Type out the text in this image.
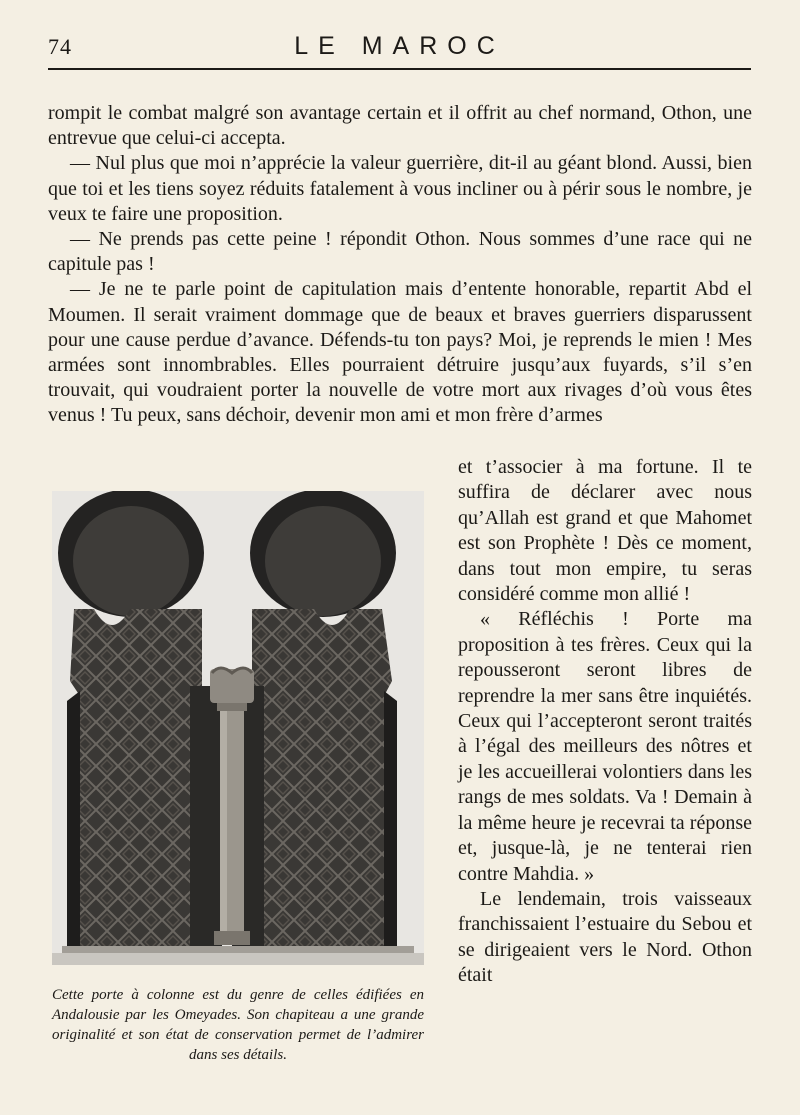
74	LE MAROC

rompit le combat malgré son avantage certain et il offrit au chef normand, Othon, une entrevue que celui-ci accepta.

— Nul plus que moi n’apprécie la valeur guerrière, dit-il au géant blond. Aussi, bien que toi et les tiens soyez réduits fatalement à vous incliner ou à périr sous le nombre, je veux te faire une proposition.

— Ne prends pas cette peine ! répondit Othon. Nous sommes d’une race qui ne capitule pas !

— Je ne te parle point de capitulation mais d’entente honorable, repartit Abd el Moumen. Il serait vraiment dommage que de beaux et braves guerriers disparussent pour une cause perdue d’avance. Défends-tu ton pays? Moi, je reprends le mien ! Mes armées sont innombrables. Elles pourraient détruire jusqu’aux fuyards, s’il s’en trouvait, qui voudraient porter la nouvelle de votre mort aux rivages d’où vous êtes venus ! Tu peux, sans déchoir, devenir mon ami et mon frère d’armes

et t’associer à ma fortune. Il te suffira de déclarer avec nous qu’Allah est grand et que Mahomet est son Prophète ! Dès ce moment, dans tout mon empire, tu seras considéré comme mon allié !

« Réfléchis ! Porte ma proposition à tes frères. Ceux qui la repousseront seront libres de reprendre la mer sans être inquiétés. Ceux qui l’accepteront seront traités à l’égal des meilleurs des nôtres et je les accueillerai volontiers dans les rangs de mes soldats. Va ! Demain à la même heure je recevrai ta réponse et, jusque-là, je ne tenterai rien contre Mahdia. »

Le lendemain, trois vaisseaux franchissaient l’estuaire du Sebou et se dirigeaient vers le Nord. Othon était

Cette porte à colonne est du genre de celles édifiées en Andalousie par les Omeyades. Son chapiteau a une grande originalité et son état de conservation permet de l’admirer dans ses détails.
